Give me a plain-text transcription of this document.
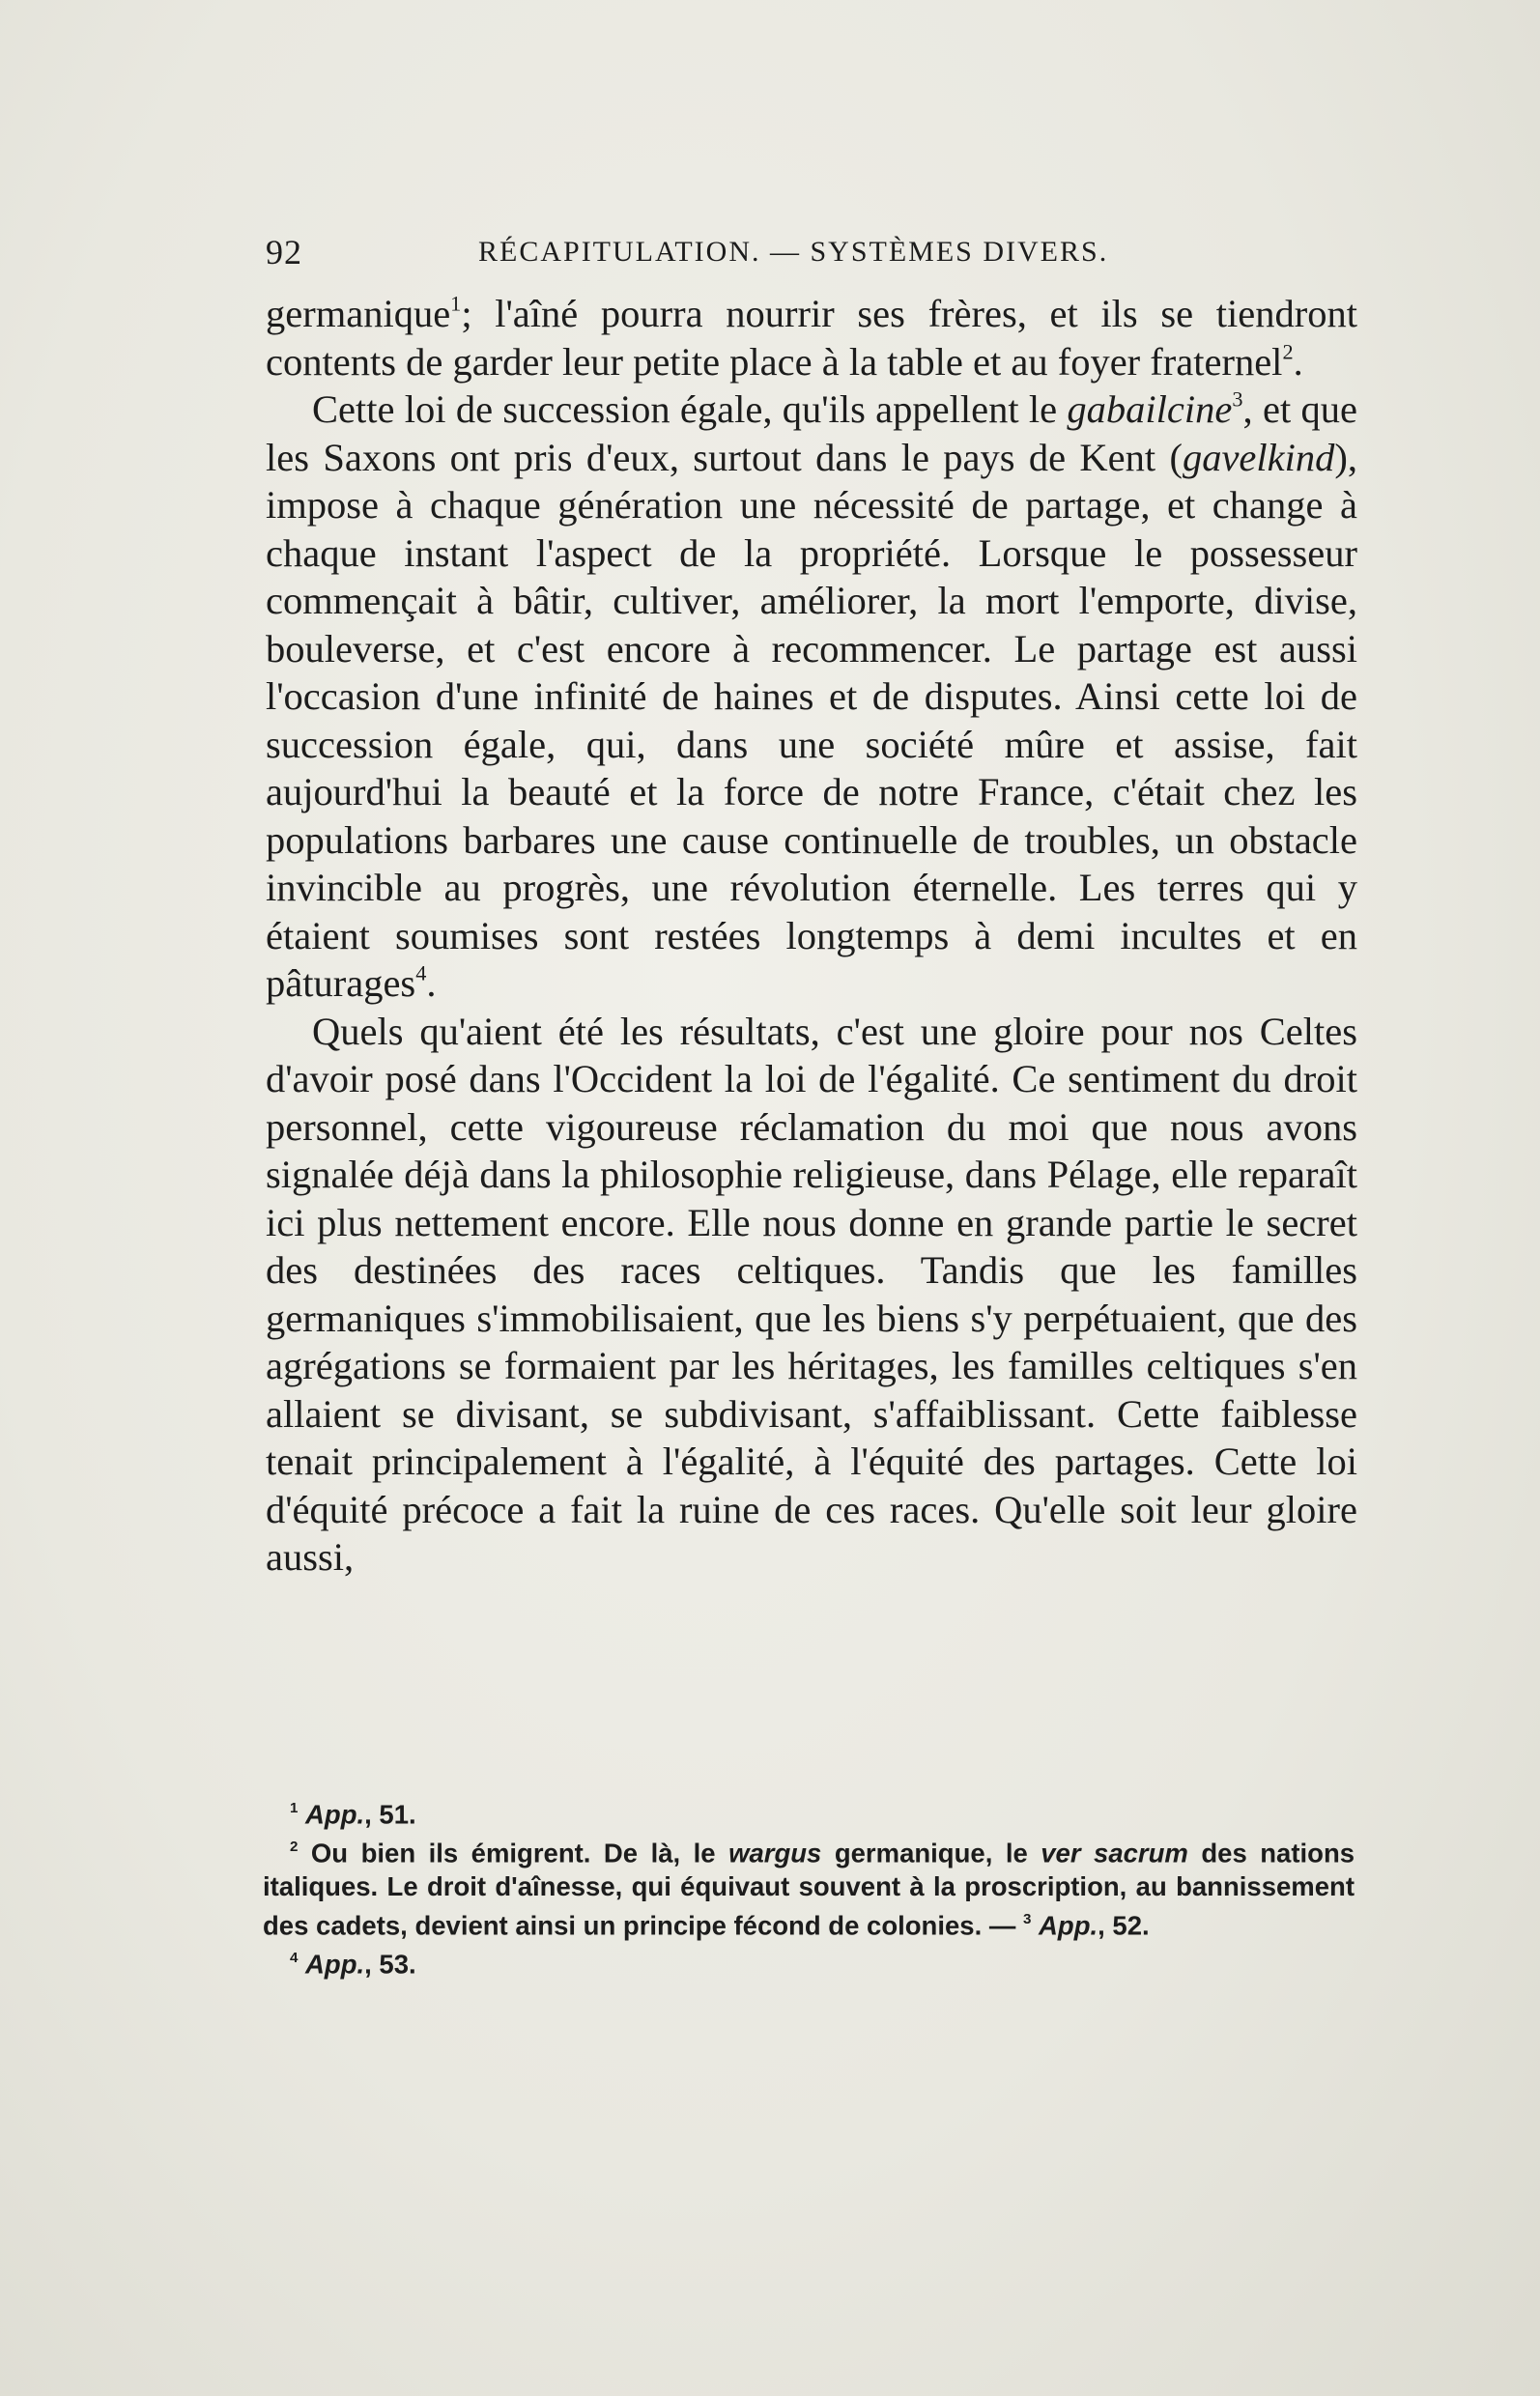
92	RÉCAPITULATION. — SYSTÈMES DIVERS.

germanique$^1$; l'aîné pourra nourrir ses frères, et ils se tiendront contents de garder leur petite place à la table et au foyer fraternel$^2$.

Cette loi de succession égale, qu'ils appellent le gabailcine$^3$, et que les Saxons ont pris d'eux, surtout dans le pays de Kent (gavelkind), impose à chaque génération une nécessité de partage, et change à chaque instant l'aspect de la propriété. Lorsque le possesseur commençait à bâtir, cultiver, améliorer, la mort l'emporte, divise, bouleverse, et c'est encore à recommencer. Le partage est aussi l'occasion d'une infinité de haines et de disputes. Ainsi cette loi de succession égale, qui, dans une société mûre et assise, fait aujourd'hui la beauté et la force de notre France, c'était chez les populations barbares une cause continuelle de troubles, un obstacle invincible au progrès, une révolution éternelle. Les terres qui y étaient soumises sont restées longtemps à demi incultes et en pâturages$^4$.

Quels qu'aient été les résultats, c'est une gloire pour nos Celtes d'avoir posé dans l'Occident la loi de l'égalité. Ce sentiment du droit personnel, cette vigoureuse réclamation du moi que nous avons signalée déjà dans la philosophie religieuse, dans Pélage, elle reparaît ici plus nettement encore. Elle nous donne en grande partie le secret des destinées des races celtiques. Tandis que les familles germaniques s'immobilisaient, que les biens s'y perpétuaient, que des agrégations se formaient par les héritages, les familles celtiques s'en allaient se divisant, se subdivisant, s'affaiblissant. Cette faiblesse tenait principalement à l'égalité, à l'équité des partages. Cette loi d'équité précoce a fait la ruine de ces races. Qu'elle soit leur gloire aussi,

$^1$ App., 51.

$^2$ Ou bien ils émigrent. De là, le wargus germanique, le ver sacrum des nations italiques. Le droit d'aînesse, qui équivaut souvent à la proscription, au bannissement des cadets, devient ainsi un principe fécond de colonies. — $^3$ App., 52.

$^4$ App., 53.
